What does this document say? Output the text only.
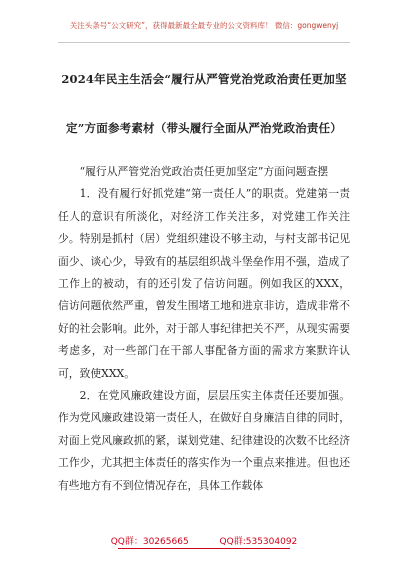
关注头条号“公文研究”，获得最新最全最专业的公文资料库！ 微信：gongwenyj
2024年民主生活会“履行从严管党治党政治责任更加坚
定”方面参考素材（带头履行全面从严治党政治责任）

“履行从严管党治党政治责任更加坚定”方面问题查摆

1．没有履行好抓党建“第一责任人”的职责。党建第一责任人的意识有所淡化，对经济工作关注多，对党建工作关注少。特别是抓村（居）党组织建设不够主动，与村支部书记见面少、谈心少，导致有的基层组织战斗堡垒作用不强，造成了工作上的被动，有的还引发了信访问题。例如我区的XXX，信访问题依然严重，曾发生围堵工地和进京非访，造成非常不好的社会影响。此外，对于部人事纪律把关不严，从现实需要考虑多，对一些部门在干部人事配备方面的需求方案默许认可，致使XXX。

2．在党风廉政建设方面，层层压实主体责任还要加强。作为党风廉政建设第一责任人，在做好自身廉洁自律的同时，对面上党风廉政抓的紧，谋划党建、纪律建设的次数不比经济工作少，尤其把主体责任的落实作为一个重点来推进。但也还有些地方有不到位情况存在，具体工作载体

QQ群：30265665	QQ群:535304092
